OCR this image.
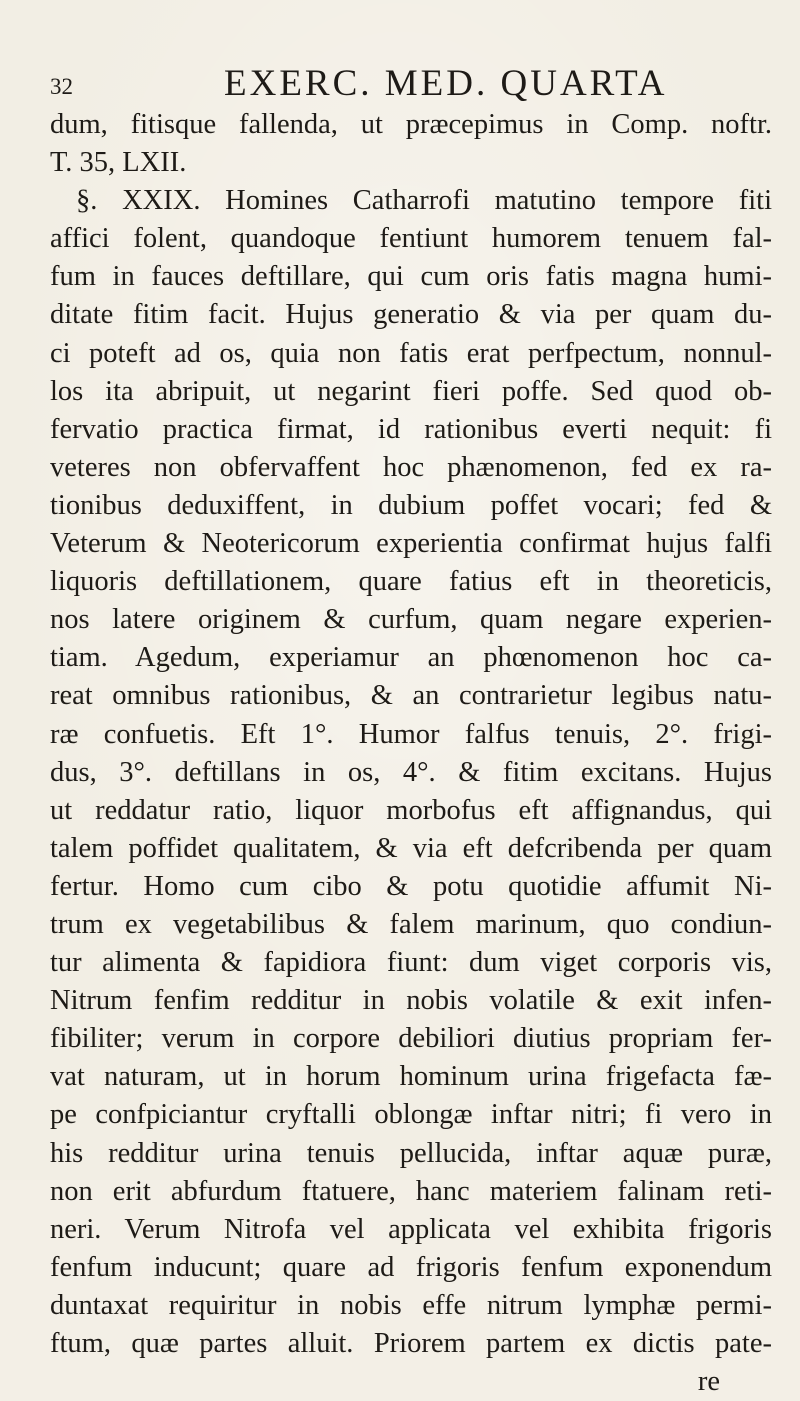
32	EXERC. MED. QUARTA
dum, fitisque fallenda, ut præcepimus in Comp. noftr.
T. 35, LXII.
§. XXIX. Homines Catharrofi matutino tempore fiti
affici folent, quandoque fentiunt humorem tenuem fal-
fum in fauces deftillare, qui cum oris fatis magna humi-
ditate fitim facit. Hujus generatio & via per quam du-
ci poteft ad os, quia non fatis erat perfpectum, nonnul-
los ita abripuit, ut negarint fieri poffe. Sed quod ob-
fervatio practica firmat, id rationibus everti nequit: fi
veteres non obfervaffent hoc phænomenon, fed ex ra-
tionibus deduxiffent, in dubium poffet vocari; fed &
Veterum & Neotericorum experientia confirmat hujus falfi
liquoris deftillationem, quare fatius eft in theoreticis,
nos latere originem & curfum, quam negare experien-
tiam. Agedum, experiamur an phœnomenon hoc ca-
reat omnibus rationibus, & an contrarietur legibus natu-
ræ confuetis. Eft 1°. Humor falfus tenuis, 2°. frigi-
dus, 3°. deftillans in os, 4°. & fitim excitans. Hujus
ut reddatur ratio, liquor morbofus eft affignandus, qui
talem poffidet qualitatem, & via eft defcribenda per quam
fertur. Homo cum cibo & potu quotidie affumit Ni-
trum ex vegetabilibus & falem marinum, quo condiun-
tur alimenta & fapidiora fiunt: dum viget corporis vis,
Nitrum fenfim redditur in nobis volatile & exit infen-
fibiliter; verum in corpore debiliori diutius propriam fer-
vat naturam, ut in horum hominum urina frigefacta fæ-
pe confpiciantur cryftalli oblongæ inftar nitri; fi vero in
his redditur urina tenuis pellucida, inftar aquæ puræ,
non erit abfurdum ftatuere, hanc materiem falinam reti-
neri. Verum Nitrofa vel applicata vel exhibita frigoris
fenfum inducunt; quare ad frigoris fenfum exponendum
duntaxat requiritur in nobis effe nitrum lymphæ permi-
ftum, quæ partes alluit. Priorem partem ex dictis pate-
re
